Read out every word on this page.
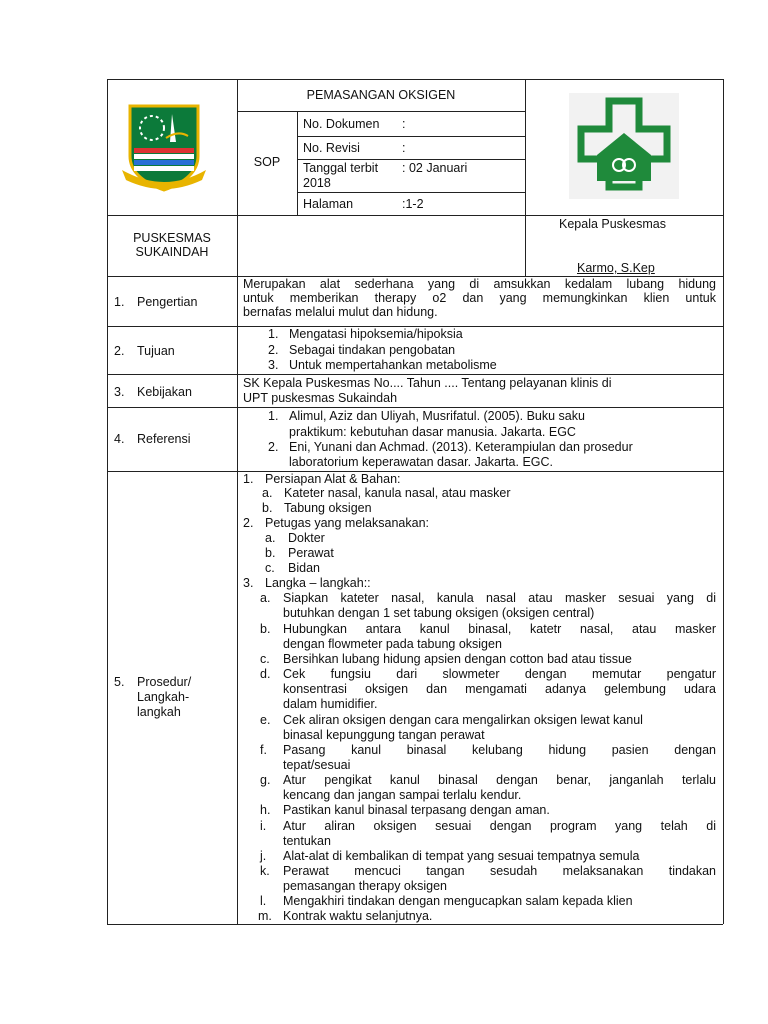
PEMASANGAN OKSIGEN
SOP
No. Dokumen :
No. Revisi	:
Tanggal terbit : 02 Januari
2018
Halaman	:1-2
PUSKESMAS
SUKAINDAH
Kepala Puskesmas
Karmo, S.Kep
1. Pengertian
Merupakan alat sederhana yang di amsukkan kedalam lubang hidung
untuk memberikan therapy o2 dan yang memungkinkan klien untuk
bernafas melalui mulut dan hidung.
2. Tujuan
1. Mengatasi hipoksemia/hipoksia
2. Sebagai tindakan pengobatan
3. Untuk mempertahankan metabolisme
3. Kebijakan
SK Kepala Puskesmas No.... Tahun .... Tentang pelayanan klinis di
UPT puskesmas Sukaindah
4. Referensi
1. Alimul, Aziz dan Uliyah, Musrifatul. (2005). Buku saku
praktikum: kebutuhan dasar manusia. Jakarta. EGC
2. Eni, Yunani dan Achmad. (2013). Keterampiulan dan prosedur
laboratorium keperawatan dasar. Jakarta. EGC.
5. Prosedur/
Langkah-
langkah
1. Persiapan Alat & Bahan:
a. Kateter nasal, kanula nasal, atau masker
b. Tabung oksigen
2. Petugas yang melaksanakan:
a. Dokter
b. Perawat
c. Bidan
3. Langka – langkah::
a. Siapkan kateter nasal, kanula nasal atau masker sesuai yang di
butuhkan dengan 1 set tabung oksigen (oksigen central)
b. Hubungkan antara kanul binasal, katetr nasal, atau masker
dengan flowmeter pada tabung oksigen
c. Bersihkan lubang hidung apsien dengan cotton bad atau tissue
d. Cek fungsiu dari slowmeter dengan memutar pengatur
konsentrasi oksigen dan mengamati adanya gelembung udara
dalam humidifier.
e. Cek aliran oksigen dengan cara mengalirkan oksigen lewat kanul
binasal kepunggung tangan perawat
f. Pasang kanul binasal kelubang hidung pasien dengan
tepat/sesuai
g. Atur pengikat kanul binasal dengan benar, janganlah terlalu
kencang dan jangan sampai terlalu kendur.
h. Pastikan kanul binasal terpasang dengan aman.
i. Atur aliran oksigen sesuai dengan program yang telah di
tentukan
j. Alat-alat di kembalikan di tempat yang sesuai tempatnya semula
k. Perawat mencuci tangan sesudah melaksanakan tindakan
pemasangan therapy oksigen
l. Mengakhiri tindakan dengan mengucapkan salam kepada klien
m. Kontrak waktu selanjutnya.
